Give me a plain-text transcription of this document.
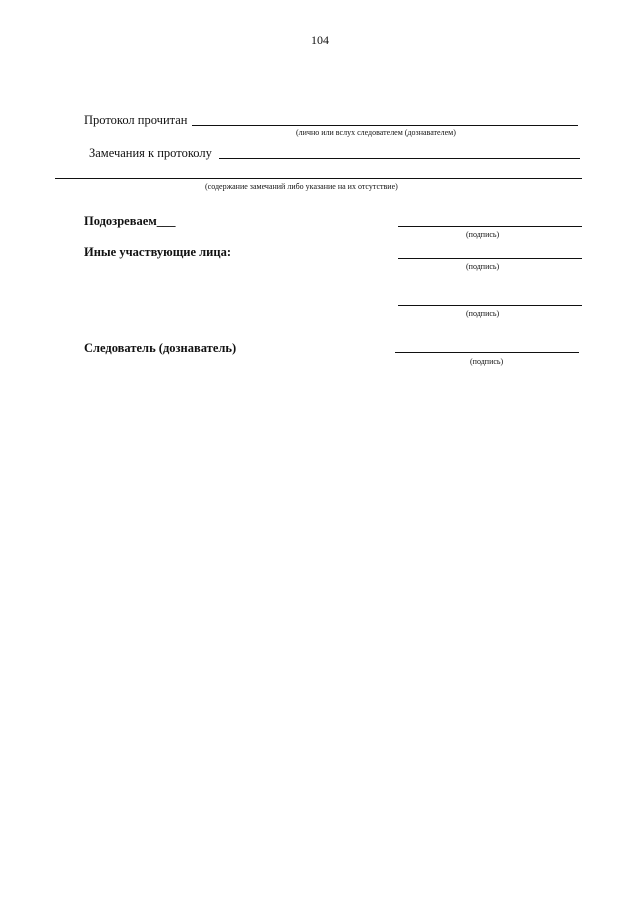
104
Протокол прочитан
(лично или вслух следователем (дознавателем)
Замечания к протоколу
(содержание замечаний либо указание на их отсутствие)
Подозреваем___
(подпись)
Иные участвующие лица:
(подпись)
(подпись)
Следователь (дознаватель)
(подпись)
